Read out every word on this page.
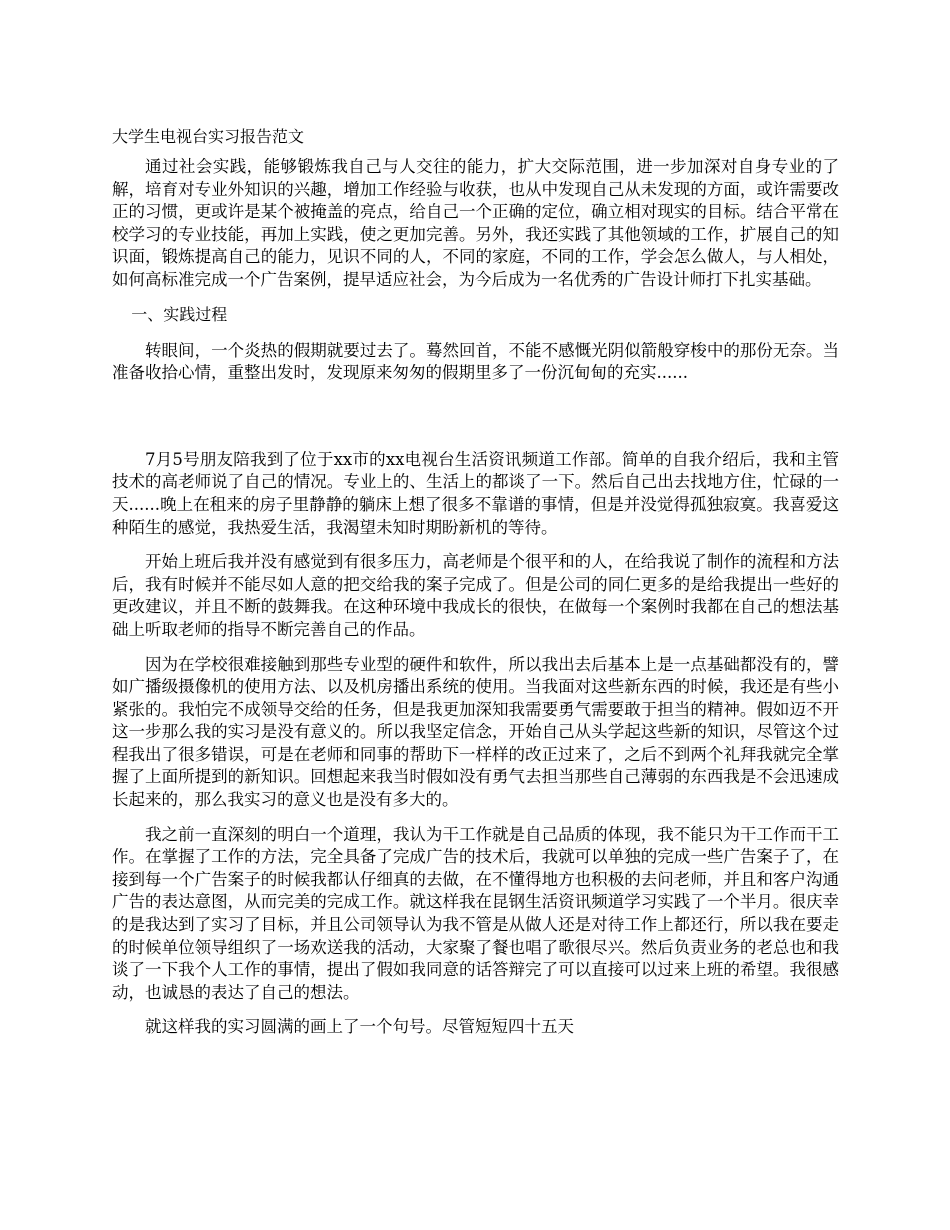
大学生电视台实习报告范文

通过社会实践，能够锻炼我自己与人交往的能力，扩大交际范围，进一步加深对自身专业的了解，培育对专业外知识的兴趣，增加工作经验与收获，也从中发现自己从未发现的方面，或许需要改正的习惯，更或许是某个被掩盖的亮点，给自己一个正确的定位，确立相对现实的目标。结合平常在校学习的专业技能，再加上实践，使之更加完善。另外，我还实践了其他领域的工作，扩展自己的知识面，锻炼提高自己的能力，见识不同的人，不同的家庭，不同的工作，学会怎么做人，与人相处，如何高标准完成一个广告案例，提早适应社会，为今后成为一名优秀的广告设计师打下扎实基础。

一、实践过程

转眼间，一个炎热的假期就要过去了。蓦然回首，不能不感慨光阴似箭般穿梭中的那份无奈。当准备收拾心情，重整出发时，发现原来匆匆的假期里多了一份沉甸甸的充实......

7月5号朋友陪我到了位于xx市的xx电视台生活资讯频道工作部。简单的自我介绍后，我和主管技术的高老师说了自己的情况。专业上的、生活上的都谈了一下。然后自己出去找地方住，忙碌的一天......晚上在租来的房子里静静的躺床上想了很多不靠谱的事情，但是并没觉得孤独寂寞。我喜爱这种陌生的感觉，我热爱生活，我渴望未知时期盼新机的等待。

开始上班后我并没有感觉到有很多压力，高老师是个很平和的人，在给我说了制作的流程和方法后，我有时候并不能尽如人意的把交给我的案子完成了。但是公司的同仁更多的是给我提出一些好的更改建议，并且不断的鼓舞我。在这种环境中我成长的很快，在做每一个案例时我都在自己的想法基础上听取老师的指导不断完善自己的作品。

因为在学校很难接触到那些专业型的硬件和软件，所以我出去后基本上是一点基础都没有的，譬如广播级摄像机的使用方法、以及机房播出系统的使用。当我面对这些新东西的时候，我还是有些小紧张的。我怕完不成领导交给的任务，但是我更加深知我需要勇气需要敢于担当的精神。假如迈不开这一步那么我的实习是没有意义的。所以我坚定信念，开始自己从头学起这些新的知识，尽管这个过程我出了很多错误，可是在老师和同事的帮助下一样样的改正过来了，之后不到两个礼拜我就完全掌握了上面所提到的新知识。回想起来我当时假如没有勇气去担当那些自己薄弱的东西我是不会迅速成长起来的，那么我实习的意义也是没有多大的。

我之前一直深刻的明白一个道理，我认为干工作就是自己品质的体现，我不能只为干工作而干工作。在掌握了工作的方法，完全具备了完成广告的技术后，我就可以单独的完成一些广告案子了，在接到每一个广告案子的时候我都认仔细真的去做，在不懂得地方也积极的去问老师，并且和客户沟通广告的表达意图，从而完美的完成工作。就这样我在昆钢生活资讯频道学习实践了一个半月。很庆幸的是我达到了实习了目标，并且公司领导认为我不管是从做人还是对待工作上都还行，所以我在要走的时候单位领导组织了一场欢送我的活动，大家聚了餐也唱了歌很尽兴。然后负责业务的老总也和我谈了一下我个人工作的事情，提出了假如我同意的话答辩完了可以直接可以过来上班的希望。我很感动，也诚恳的表达了自己的想法。

就这样我的实习圆满的画上了一个句号。尽管短短四十五天
